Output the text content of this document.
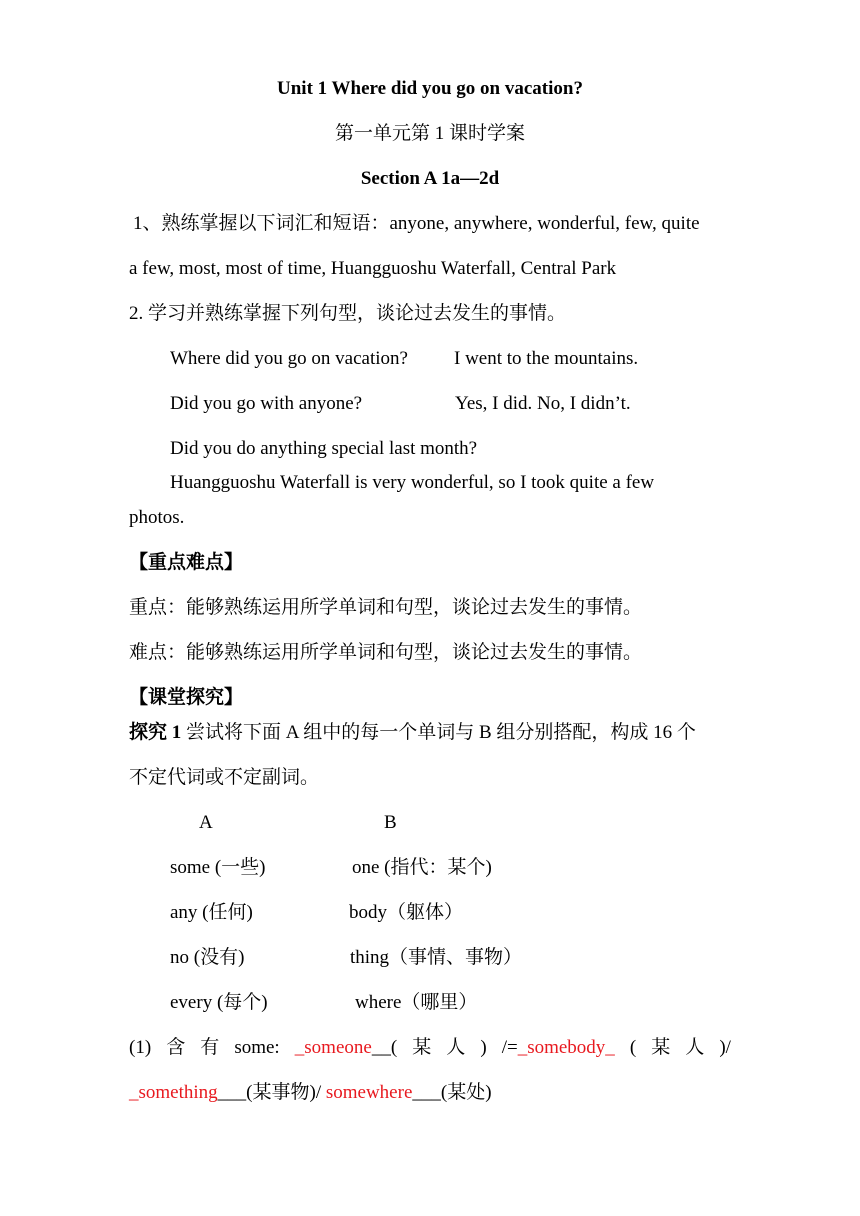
Unit 1 Where did you go on vacation?
第一单元第 1 课时学案
Section A 1a—2d
1、熟练掌握以下词汇和短语：anyone, anywhere, wonderful, few, quite
a few, most, most of time, Huangguoshu Waterfall, Central Park
2. 学习并熟练掌握下列句型，谈论过去发生的事情。
Where did you go on vacation? I went to the mountains.
Did you go with anyone?	Yes, I did. No, I didn’t.
Did you do anything special last month?
Huangguoshu Waterfall is very wonderful, so I took quite a few
photos.
【重点难点】
重点：能够熟练运用所学单词和句型，谈论过去发生的事情。
难点：能够熟练运用所学单词和句型，谈论过去发生的事情。
【课堂探究】
探究 1 尝试将下面 A 组中的每一个单词与 B 组分别搭配，构成 16 个
不定代词或不定副词。
A	B
some (一些)	one (指代：某个)
any (任何)	body（躯体）
no (没有)	thing（事情、事物）
every (每个)	where（哪里）
(1) 含 有 some: _someone__( 某 人 ) /=_somebody_ ( 某 人 )/
_something___(某事物)/ somewhere___(某处)
